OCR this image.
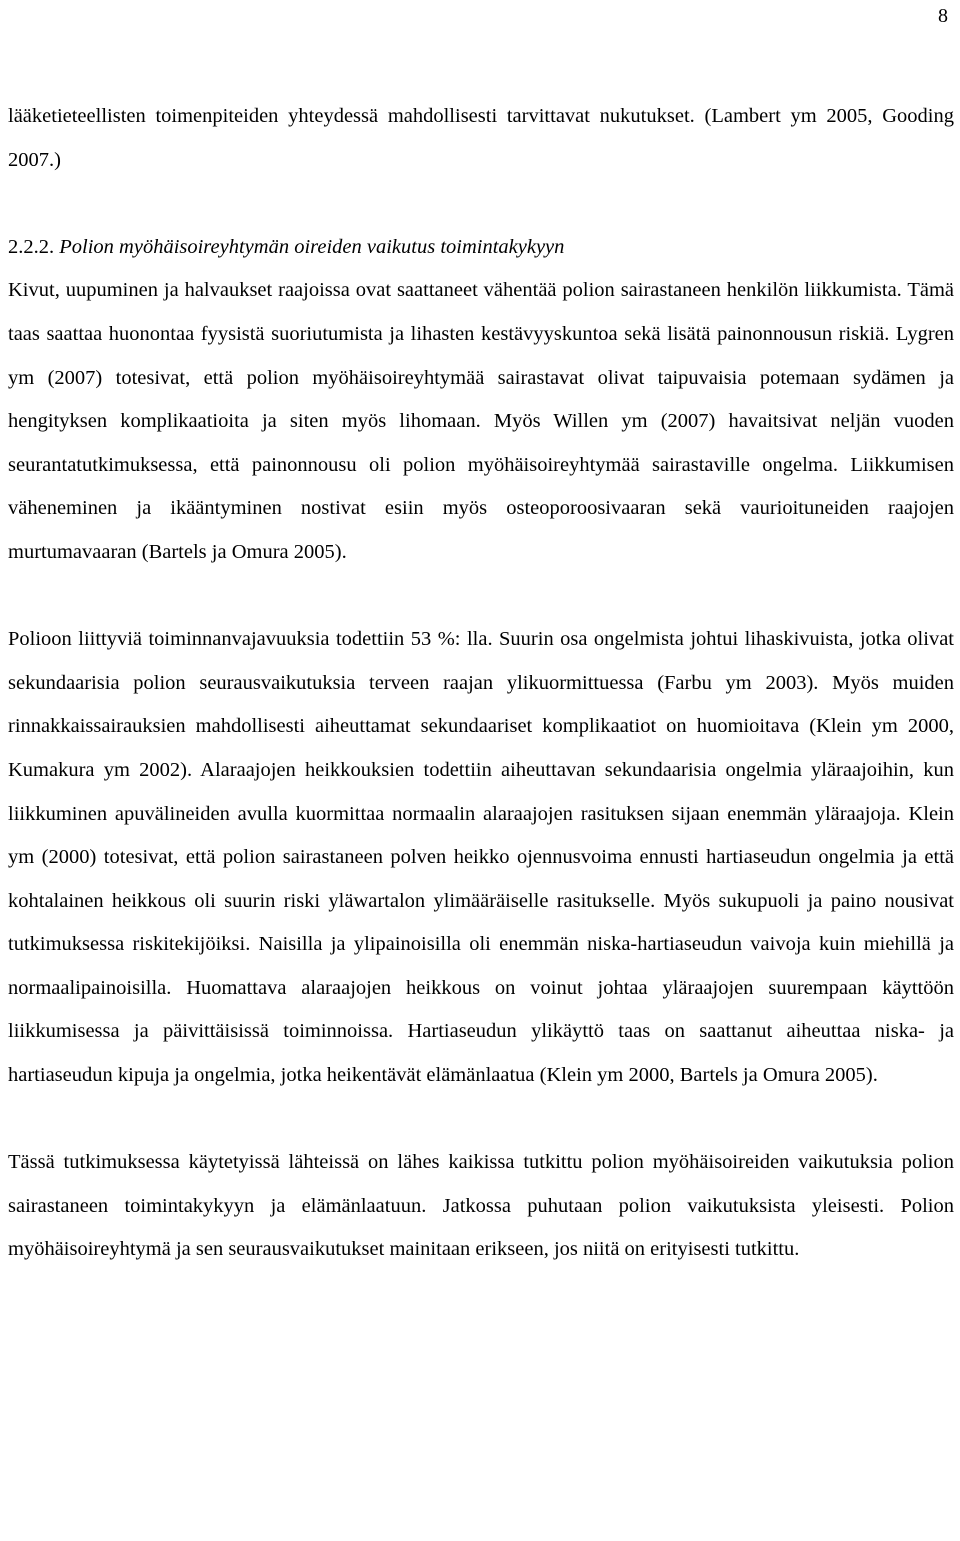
8

lääketieteellisten toimenpiteiden yhteydessä mahdollisesti tarvittavat nukutukset. (Lambert ym 2005, Gooding 2007.)

2.2.2. Polion myöhäisoireyhtymän oireiden vaikutus toimintakykyyn

Kivut, uupuminen ja halvaukset raajoissa ovat saattaneet vähentää polion sairastaneen henkilön liikkumista. Tämä taas saattaa huonontaa fyysistä suoriutumista ja lihasten kestävyyskuntoa sekä lisätä painonnousun riskiä. Lygren ym (2007) totesivat, että polion myöhäisoireyhtymää sairastavat olivat taipuvaisia potemaan sydämen ja hengityksen komplikaatioita ja siten myös lihomaan. Myös Willen ym (2007) havaitsivat neljän vuoden seurantatutkimuksessa, että painonnousu oli polion myöhäisoireyhtymää sairastaville ongelma. Liikkumisen väheneminen ja ikääntyminen nostivat esiin myös osteoporoosivaaran sekä vaurioituneiden raajojen murtumavaaran (Bartels ja Omura 2005).

Polioon liittyviä toiminnanvajavuuksia todettiin 53 %: lla. Suurin osa ongelmista johtui lihaskivuista, jotka olivat sekundaarisia polion seurausvaikutuksia terveen raajan ylikuormittuessa (Farbu ym 2003). Myös muiden rinnakkaissairauksien mahdollisesti aiheuttamat sekundaariset komplikaatiot on huomioitava (Klein ym 2000, Kumakura ym 2002). Alaraajojen heikkouksien todettiin aiheuttavan sekundaarisia ongelmia yläraajoihin, kun liikkuminen apuvälineiden avulla kuormittaa normaalin alaraajojen rasituksen sijaan enemmän yläraajoja. Klein ym (2000) totesivat, että polion sairastaneen polven heikko ojennusvoima ennusti hartiaseudun ongelmia ja että kohtalainen heikkous oli suurin riski yläwartalon ylimääräiselle rasitukselle. Myös sukupuoli ja paino nousivat tutkimuksessa riskitekijöiksi. Naisilla ja ylipainoisilla oli enemmän niska-hartiaseudun vaivoja kuin miehillä ja normaalipainoisilla. Huomattava alaraajojen heikkous on voinut johtaa yläraajojen suurempaan käyttöön liikkumisessa ja päivittäisissä toiminnoissa. Hartiaseudun ylikäyttö taas on saattanut aiheuttaa niska- ja hartiaseudun kipuja ja ongelmia, jotka heikentävät elämänlaatua (Klein ym 2000, Bartels ja Omura 2005).

Tässä tutkimuksessa käytetyissä lähteissä on lähes kaikissa tutkittu polion myöhäisoireiden vaikutuksia polion sairastaneen toimintakykyyn ja elämänlaatuun. Jatkossa puhutaan polion vaikutuksista yleisesti. Polion myöhäisoireyhtymä ja sen seurausvaikutukset mainitaan erikseen, jos niitä on erityisesti tutkittu.
